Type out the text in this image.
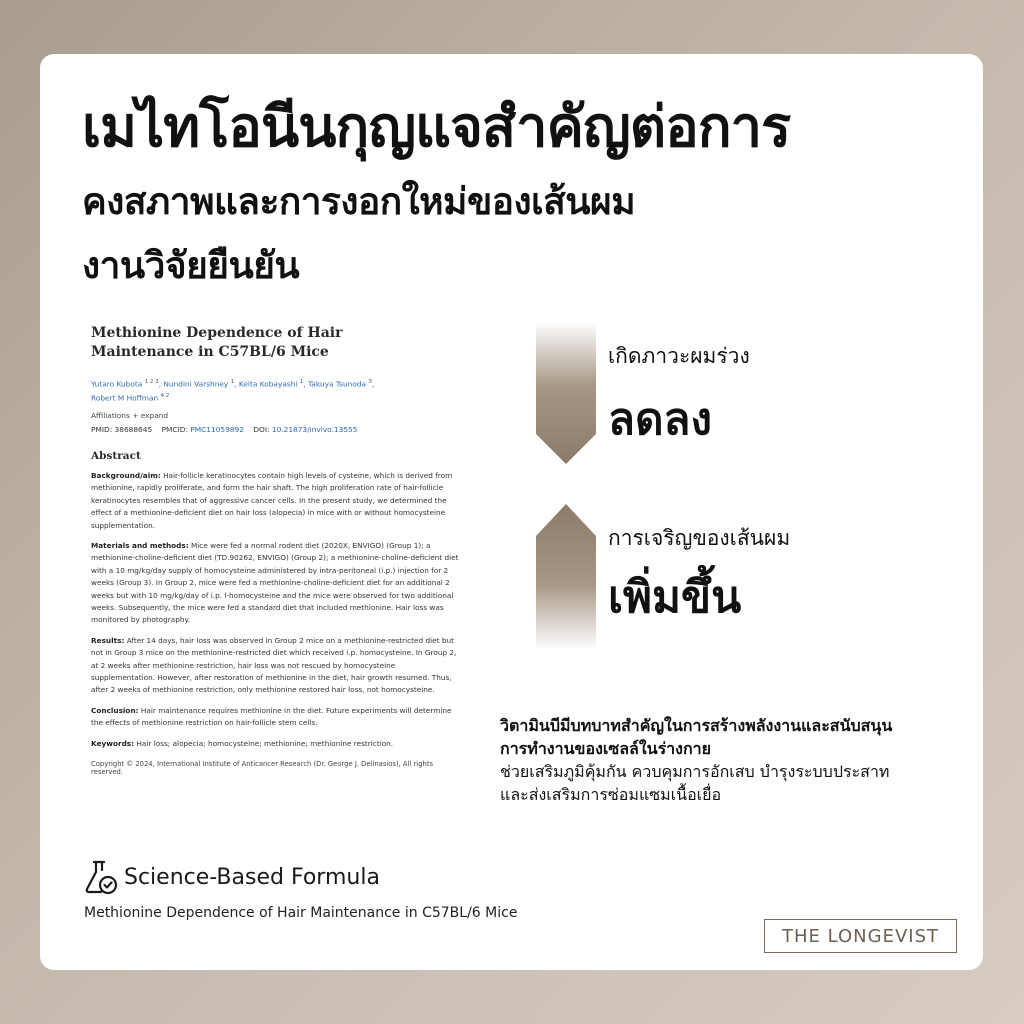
เมไทโอนีนกุญแจสำคัญต่อการ
คงสภาพและการงอกใหม่ของเส้นผม
งานวิจัยยืนยัน
Methionine Dependence of Hair Maintenance in C57BL/6 Mice
Yutaro Kubota $^{1 2 3}$, Nundini Varshney $^1$, Keita Kobayashi $^1$, Takuya Tsunoda $^3$,
Robert M Hoffman $^{4 2}$
Affiliations + expand
PMID: 38688645 PMCID: PMC11059892 DOI: 10.21873/invivo.13555
Abstract
Background/aim: Hair-follicle keratinocytes contain high levels of cysteine, which is derived from methionine, rapidly proliferate, and form the hair shaft. The high proliferation rate of hair-follicle keratinocytes resembles that of aggressive cancer cells. In the present study, we determined the effect of a methionine-deficient diet on hair loss (alopecia) in mice with or without homocysteine supplementation.
Materials and methods: Mice were fed a normal rodent diet (2020X, ENVIGO) (Group 1); a methionine-choline-deficient diet (TD.90262, ENVIGO) (Group 2); a methionine-choline-deficient diet with a 10 mg/kg/day supply of homocysteine administered by intra-peritoneal (i.p.) injection for 2 weeks (Group 3). In Group 2, mice were fed a methionine-choline-deficient diet for an additional 2 weeks but with 10 mg/kg/day of i.p. l-homocysteine and the mice were observed for two additional weeks. Subsequently, the mice were fed a standard diet that included methionine. Hair loss was monitored by photography.
Results: After 14 days, hair loss was observed in Group 2 mice on a methionine-restricted diet but not in Group 3 mice on the methionine-restricted diet which received i.p. homocysteine. In Group 2, at 2 weeks after methionine restriction, hair loss was not rescued by homocysteine supplementation. However, after restoration of methionine in the diet, hair growth resumed. Thus, after 2 weeks of methionine restriction, only methionine restored hair loss, not homocysteine.
Conclusion: Hair maintenance requires methionine in the diet. Future experiments will determine the effects of methionine restriction on hair-follicle stem cells.
Keywords: Hair loss; alopecia; homocysteine; methionine; methionine restriction.
Copyright © 2024, International Institute of Anticancer Research (Dr. George J. Delinasios), All rights reserved.
เกิดภาวะผมร่วง
ลดลง
การเจริญของเส้นผม
เพิ่มขึ้น
วิตามินบีมีบทบาทสำคัญในการสร้างพลังงานและสนับสนุน
การทำงานของเซลล์ในร่างกาย
ช่วยเสริมภูมิคุ้มกัน ควบคุมการอักเสบ บำรุงระบบประสาท
และส่งเสริมการซ่อมแซมเนื้อเยื่อ
Science-Based Formula
Methionine Dependence of Hair Maintenance in C57BL/6 Mice
THE LONGEVIST
